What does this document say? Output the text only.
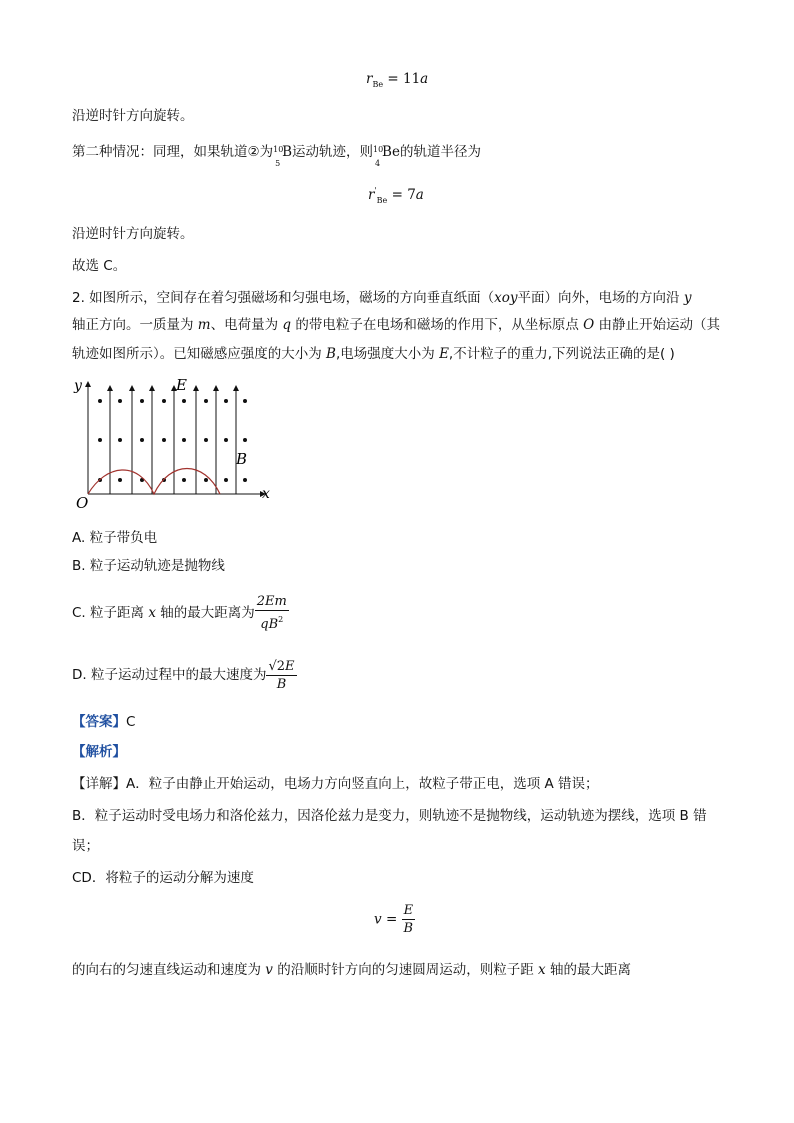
$r_{Be} = 11a$
沿逆时针方向旋转。
第二种情况：同理，如果轨道②为 10
5
B运动轨迹，则 10
4
Be的轨道半径为
$r'_{Be} = 7a$
沿逆时针方向旋转。
故选 C。
2. 如图所示，空间存在着匀强磁场和匀强电场，磁场的方向垂直纸面（xoy平面）向外，电场的方向沿 y
轴正方向。一质量为 m、电荷量为 q 的带电粒子在电场和磁场的作用下，从坐标原点 O 由静止开始运动（其
轨迹如图所示）。已知磁感应强度的大小为 B,电场强度大小为 E,不计粒子的重力,下列说法正确的是( )
y
x
O
E
B
A. 粒子带负电
B. 粒子运动轨迹是抛物线
C. 粒子距离 x 轴的最大距离为 $\frac{2Em}{qB^2}$
D. 粒子运动过程中的最大速度为 $\frac{√2E}{B}$
【答案】C
【解析】
【详解】A．粒子由静止开始运动，电场力方向竖直向上，故粒子带正电，选项 A 错误；
B．粒子运动时受电场力和洛伦兹力，因洛伦兹力是变力，则轨迹不是抛物线，运动轨迹为摆线，选项 B 错
误；
CD．将粒子的运动分解为速度
$v = \frac{E}{B}$
的向右的匀速直线运动和速度为 v 的沿顺时针方向的匀速圆周运动，则粒子距 x 轴的最大距离
